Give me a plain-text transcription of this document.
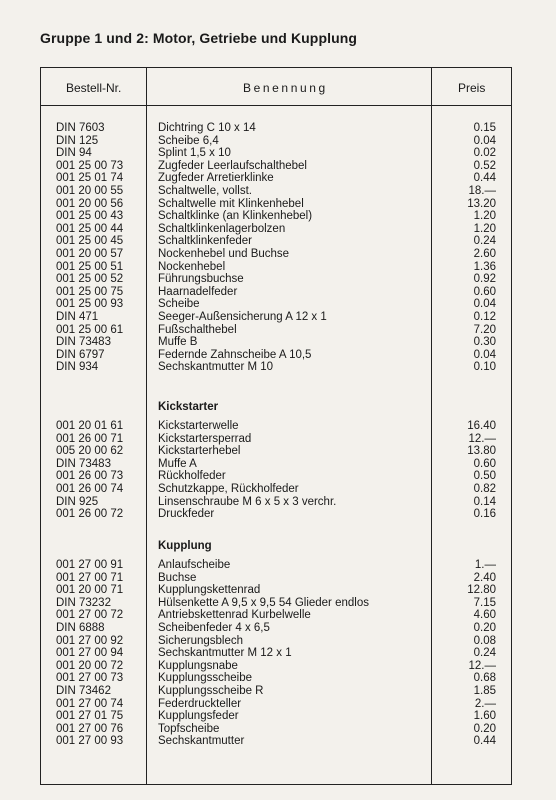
Gruppe 1 und 2: Motor, Getriebe und Kupplung
Bestell-Nr.	Benennung	Preis
DIN 7603	Dichtring C 10 x 14	0.15
DIN 125	Scheibe 6,4	0.04
DIN 94	Splint 1,5 x 10	0.02
001 25 00 73	Zugfeder Leerlaufschalthebel	0.52
001 25 01 74	Zugfeder Arretierklinke	0.44
001 20 00 55	Schaltwelle, vollst.	18.—
001 20 00 56	Schaltwelle mit Klinkenhebel	13.20
001 25 00 43	Schaltklinke (an Klinkenhebel)	1.20
001 25 00 44	Schaltklinkenlagerbolzen	1.20
001 25 00 45	Schaltklinkenfeder	0.24
001 20 00 57	Nockenhebel und Buchse	2.60
001 25 00 51	Nockenhebel	1.36
001 25 00 52	Führungsbuchse	0.92
001 25 00 75	Haarnadelfeder	0.60
001 25 00 93	Scheibe	0.04
DIN 471	Seeger-Außensicherung A 12 x 1	0.12
001 25 00 61	Fußschalthebel	7.20
DIN 73483	Muffe B	0.30
DIN 6797	Federnde Zahnscheibe A 10,5	0.04
DIN 934	Sechskantmutter M 10	0.10
Kickstarter
001 20 01 61	Kickstarterwelle	16.40
001 26 00 71	Kickstartersperrad	12.—
005 20 00 62	Kickstarterhebel	13.80
DIN 73483	Muffe A	0.60
001 26 00 73	Rückholfeder	0.50
001 26 00 74	Schutzkappe, Rückholfeder	0.82
DIN 925	Linsenschraube M 6 x 5 x 3 verchr.	0.14
001 26 00 72	Druckfeder	0.16
Kupplung
001 27 00 91	Anlaufscheibe	1.—
001 27 00 71	Buchse	2.40
001 20 00 71	Kupplungskettenrad	12.80
DIN 73232	Hülsenkette A 9,5 x 9,5 54 Glieder endlos	7.15
001 27 00 72	Antriebskettenrad Kurbelwelle	4.60
DIN 6888	Scheibenfeder 4 x 6,5	0.20
001 27 00 92	Sicherungsblech	0.08
001 27 00 94	Sechskantmutter M 12 x 1	0.24
001 20 00 72	Kupplungsnabe	12.—
001 27 00 73	Kupplungsscheibe	0.68
DIN 73462	Kupplungsscheibe R	1.85
001 27 00 74	Federdruckteller	2.—
001 27 01 75	Kupplungsfeder	1.60
001 27 00 76	Topfscheibe	0.20
001 27 00 93	Sechskantmutter	0.44
